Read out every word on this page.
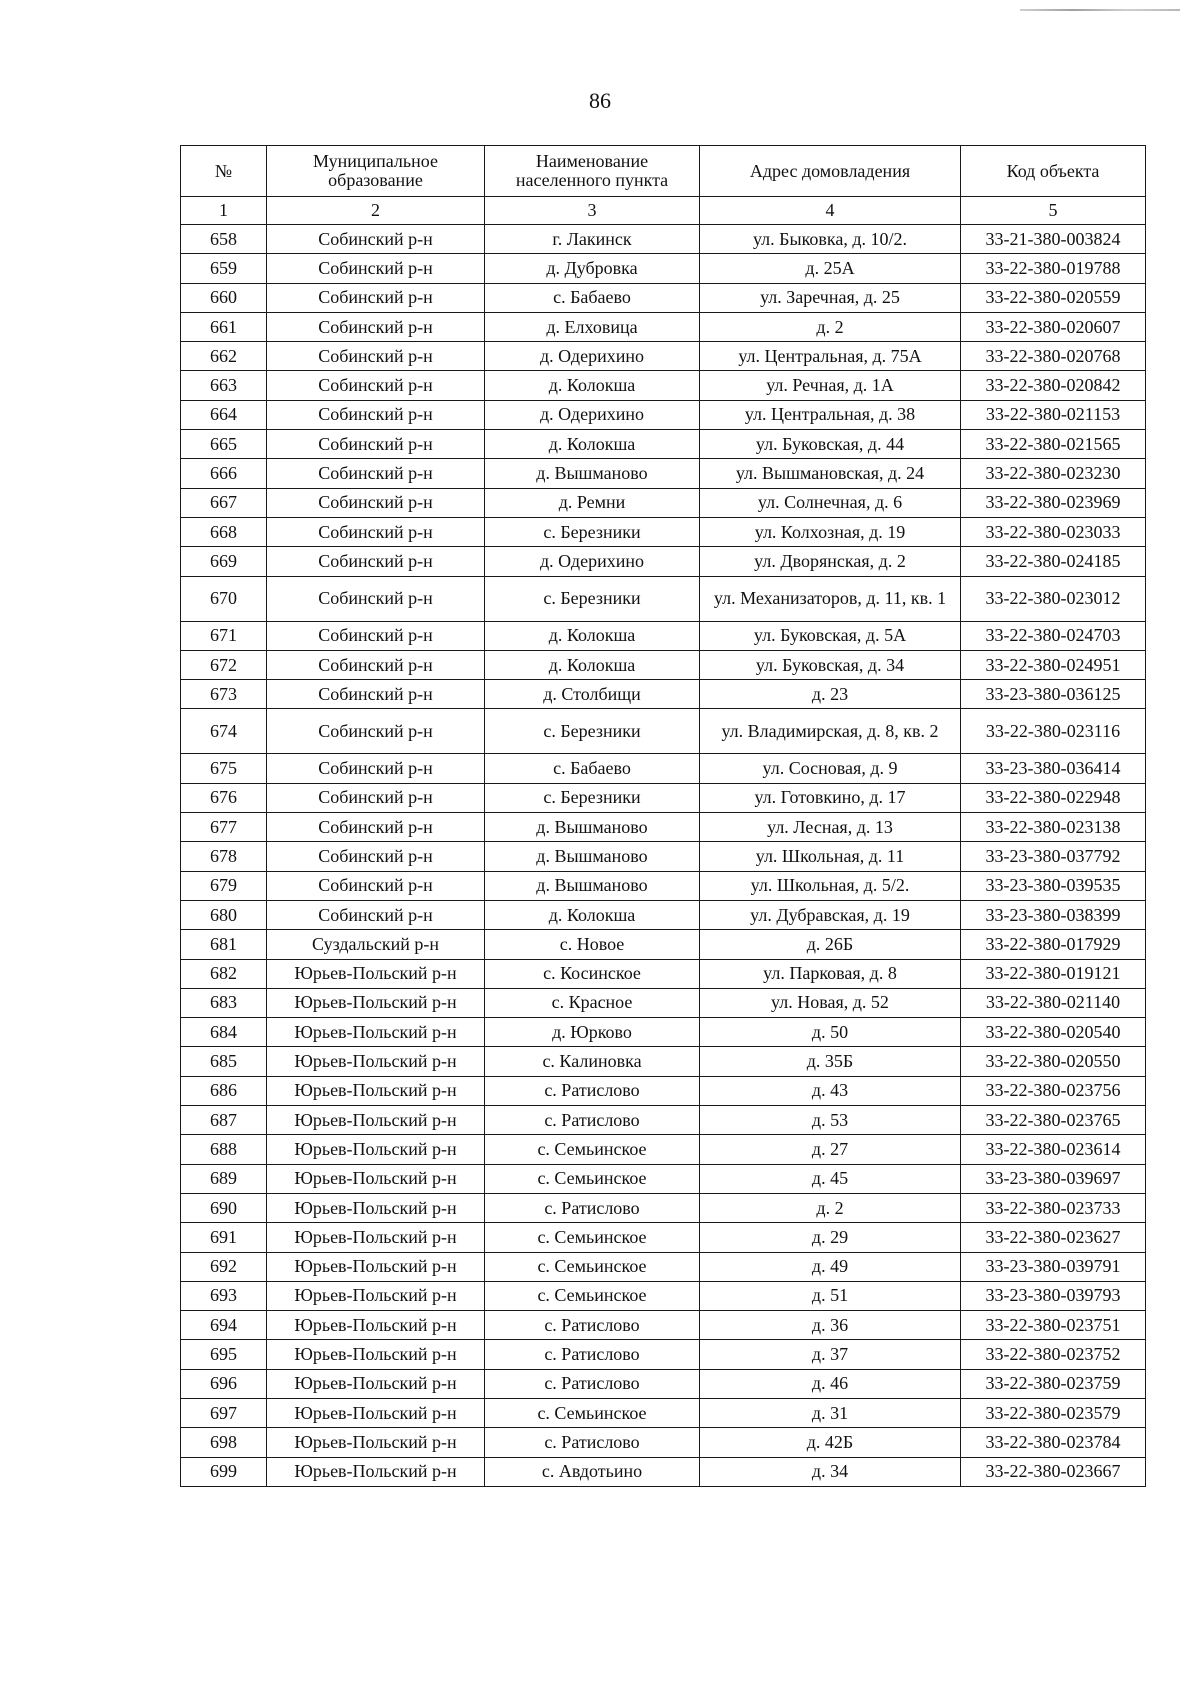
86
№	Муниципальное образование	Наименование населенного пункта	Адрес домовладения	Код объекта
1	2	3	4	5
658	Собинский р-н	г. Лакинск	ул. Быковка, д. 10/2.	33-21-380-003824
659	Собинский р-н	д. Дубровка	д. 25А	33-22-380-019788
660	Собинский р-н	с. Бабаево	ул. Заречная, д. 25	33-22-380-020559
661	Собинский р-н	д. Елховица	д. 2	33-22-380-020607
662	Собинский р-н	д. Одерихино	ул. Центральная, д. 75А	33-22-380-020768
663	Собинский р-н	д. Колокша	ул. Речная, д. 1А	33-22-380-020842
664	Собинский р-н	д. Одерихино	ул. Центральная, д. 38	33-22-380-021153
665	Собинский р-н	д. Колокша	ул. Буковская, д. 44	33-22-380-021565
666	Собинский р-н	д. Вышманово	ул. Вышмановская, д. 24	33-22-380-023230
667	Собинский р-н	д. Ремни	ул. Солнечная, д. 6	33-22-380-023969
668	Собинский р-н	с. Березники	ул. Колхозная, д. 19	33-22-380-023033
669	Собинский р-н	д. Одерихино	ул. Дворянская, д. 2	33-22-380-024185
670	Собинский р-н	с. Березники	ул. Механизаторов, д. 11, кв. 1	33-22-380-023012
671	Собинский р-н	д. Колокша	ул. Буковская, д. 5А	33-22-380-024703
672	Собинский р-н	д. Колокша	ул. Буковская, д. 34	33-22-380-024951
673	Собинский р-н	д. Столбищи	д. 23	33-23-380-036125
674	Собинский р-н	с. Березники	ул. Владимирская, д. 8, кв. 2	33-22-380-023116
675	Собинский р-н	с. Бабаево	ул. Сосновая, д. 9	33-23-380-036414
676	Собинский р-н	с. Березники	ул. Готовкино, д. 17	33-22-380-022948
677	Собинский р-н	д. Вышманово	ул. Лесная, д. 13	33-22-380-023138
678	Собинский р-н	д. Вышманово	ул. Школьная, д. 11	33-23-380-037792
679	Собинский р-н	д. Вышманово	ул. Школьная, д. 5/2.	33-23-380-039535
680	Собинский р-н	д. Колокша	ул. Дубравская, д. 19	33-23-380-038399
681	Суздальский р-н	с. Новое	д. 26Б	33-22-380-017929
682	Юрьев-Польский р-н	с. Косинское	ул. Парковая, д. 8	33-22-380-019121
683	Юрьев-Польский р-н	с. Красное	ул. Новая, д. 52	33-22-380-021140
684	Юрьев-Польский р-н	д. Юрково	д. 50	33-22-380-020540
685	Юрьев-Польский р-н	с. Калиновка	д. 35Б	33-22-380-020550
686	Юрьев-Польский р-н	с. Ратислово	д. 43	33-22-380-023756
687	Юрьев-Польский р-н	с. Ратислово	д. 53	33-22-380-023765
688	Юрьев-Польский р-н	с. Семьинское	д. 27	33-22-380-023614
689	Юрьев-Польский р-н	с. Семьинское	д. 45	33-23-380-039697
690	Юрьев-Польский р-н	с. Ратислово	д. 2	33-22-380-023733
691	Юрьев-Польский р-н	с. Семьинское	д. 29	33-22-380-023627
692	Юрьев-Польский р-н	с. Семьинское	д. 49	33-23-380-039791
693	Юрьев-Польский р-н	с. Семьинское	д. 51	33-23-380-039793
694	Юрьев-Польский р-н	с. Ратислово	д. 36	33-22-380-023751
695	Юрьев-Польский р-н	с. Ратислово	д. 37	33-22-380-023752
696	Юрьев-Польский р-н	с. Ратислово	д. 46	33-22-380-023759
697	Юрьев-Польский р-н	с. Семьинское	д. 31	33-22-380-023579
698	Юрьев-Польский р-н	с. Ратислово	д. 42Б	33-22-380-023784
699	Юрьев-Польский р-н	с. Авдотьино	д. 34	33-22-380-023667
